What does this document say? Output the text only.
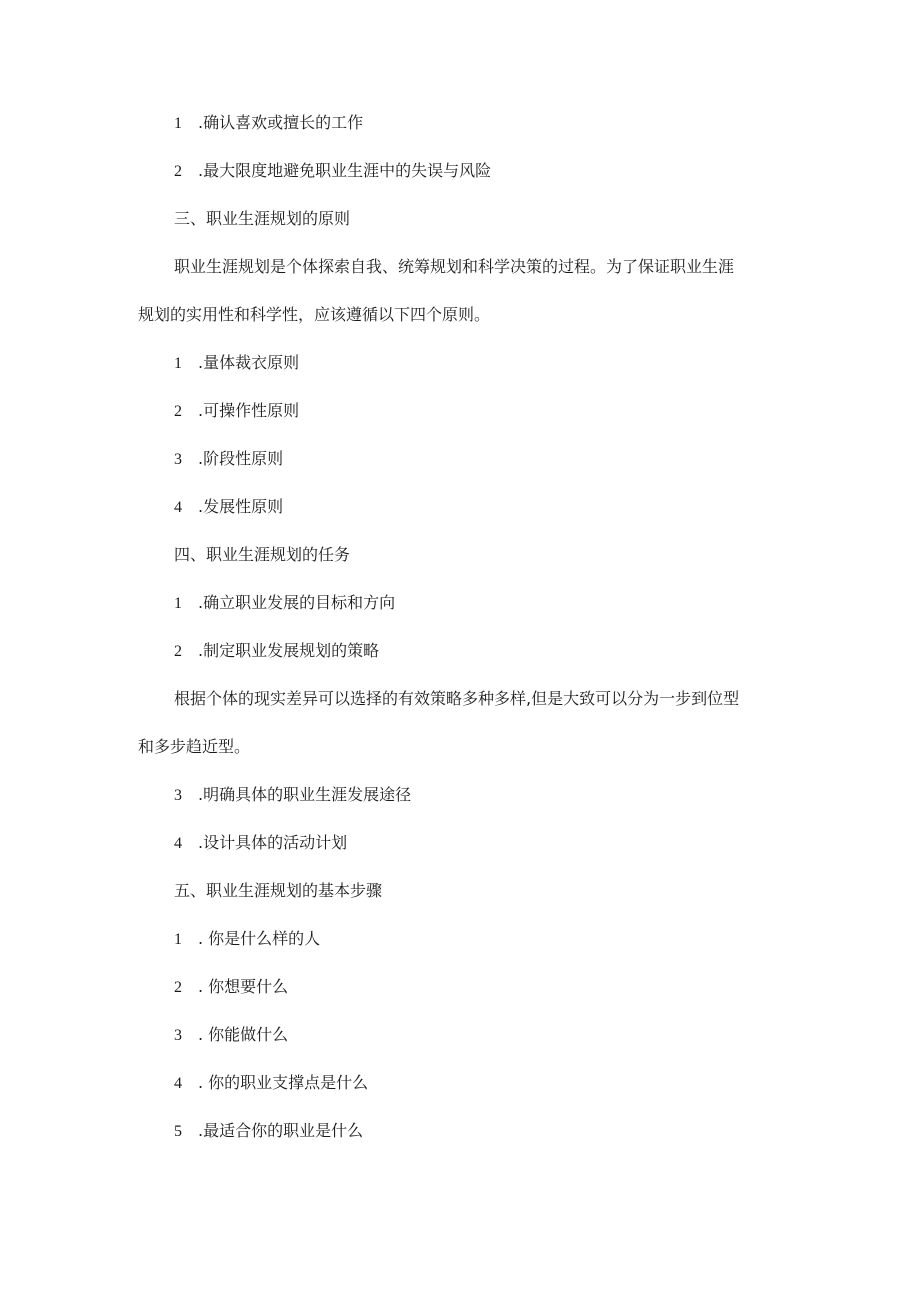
1 .确认喜欢或擅长的工作
2 .最大限度地避免职业生涯中的失误与风险
三、职业生涯规划的原则
职业生涯规划是个体探索自我、统筹规划和科学决策的过程。为了保证职业生涯
规划的实用性和科学性，应该遵循以下四个原则。
1 .量体裁衣原则
2 .可操作性原则
3 .阶段性原则
4 .发展性原则
四、职业生涯规划的任务
1 .确立职业发展的目标和方向
2 .制定职业发展规划的策略
根据个体的现实差异可以选择的有效策略多种多样,但是大致可以分为一步到位型
和多步趋近型。
3 .明确具体的职业生涯发展途径
4 .设计具体的活动计划
五、职业生涯规划的基本步骤
1 . 你是什么样的人
2 . 你想要什么
3 . 你能做什么
4 . 你的职业支撑点是什么
5 .最适合你的职业是什么
